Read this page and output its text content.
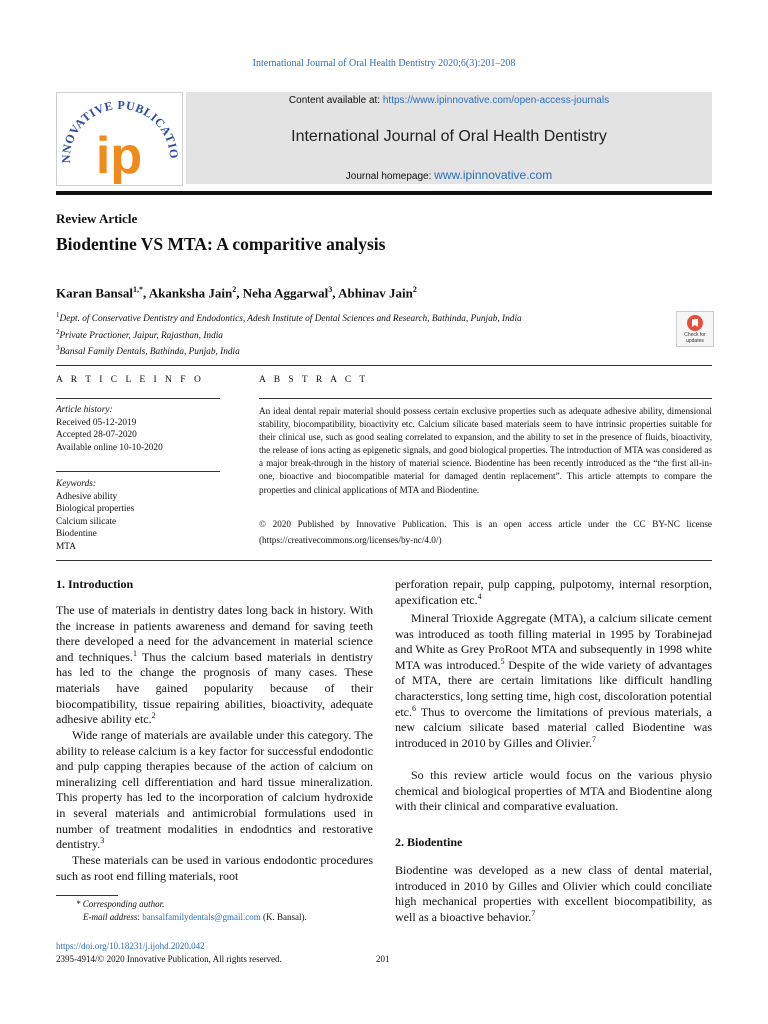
International Journal of Oral Health Dentistry 2020;6(3):201–208
NNOVATIVE PUBLICATIO
ip
Content available at: https://www.ipinnovative.com/open-access-journals
International Journal of Oral Health Dentistry
Journal homepage: www.ipinnovative.com
Review Article
Biodentine VS MTA: A comparitive analysis
Karan Bansal$^{1,*}$, Akanksha Jain$^2$, Neha Aggarwal$^3$, Abhinav Jain$^2$
$^1$Dept. of Conservative Dentistry and Endodontics, Adesh Institute of Dental Sciences and Research, Bathinda, Punjab, India
$^2$Private Practioner, Jaipur, Rajasthan, India
$^3$Bansal Family Dentals, Bathinda, Punjab, India
Check for updates
A R T I C L E I N F O	A B S T R A C T
Article history:
Received 05-12-2019
Accepted 28-07-2020
Available online 10-10-2020
Keywords:
Adhesive ability
Biological properties
Calcium silicate
Biodentine
MTA
An ideal dental repair material should possess certain exclusive properties such as adequate adhesive ability, dimensional stability, biocompatibility, bioactivity etc. Calcium silicate based materials seem to have intrinsic properties suitable for their clinical use, such as good sealing correlated to expansion, and the ability to set in the presence of fluids, bioactivity, the release of ions acting as epigenetic signals, and good biological properties. The introduction of MTA was considered as a major break-through in the history of material science. Biodentine has been recently introduced as the “the first all-in-one, bioactive and biocompatible material for damaged dentin replacement”. This article attempts to compare the properties and clinical applications of MTA and Biodentine.
© 2020 Published by Innovative Publication. This is an open access article under the CC BY-NC license (https://creativecommons.org/licenses/by-nc/4.0/)
1. Introduction

The use of materials in dentistry dates long back in history. With the increase in patients awareness and demand for saving teeth there developed a need for the advancement in material science and techniques.$^1$ Thus the calcium based materials in dentistry has led to the change the prognosis of many cases. These materials have gained popularity because of their biocompatibility, tissue repairing abilities, bioactivity, adequate adhesive ability etc.$^2$

Wide range of materials are available under this category. The ability to release calcium is a key factor for successful endodontic and pulp capping therapies because of the action of calcium on mineralizing cell differentiation and hard tissue mineralization. This property has led to the incorporation of calcium hydroxide in several materials and antimicrobial formulations used in number of treatment modalities in endodntics and restorative dentistry.$^3$

These materials can be used in various endodontic procedures such as root end filling materials, root

perforation repair, pulp capping, pulpotomy, internal resorption, apexification etc.$^4$

Mineral Trioxide Aggregate (MTA), a calcium silicate cement was introduced as tooth filling material in 1995 by Torabinejad and White as Grey ProRoot MTA and subsequently in 1998 white MTA was introduced.$^5$ Despite of the wide variety of advantages of MTA, there are certain limitations like difficult handling characterstics, long setting time, high cost, discoloration potential etc.$^6$ Thus to overcome the limitations of previous materials, a new calcium silicate based material called Biodentine was introduced in 2010 by Gilles and Olivier.$^7$

So this review article would focus on the various physio chemical and biological properties of MTA and Biodentine along with their clinical and comparative evaluation.

2. Biodentine

Biodentine was developed as a new class of dental material, introduced in 2010 by Gilles and Olivier which could conciliate high mechanical properties with excellent biocompatibility, as well as a bioactive behavior.$^7$

* Corresponding author.
E-mail address: bansalfamilydentals@gmail.com (K. Bansal).
https://doi.org/10.18231/j.ijohd.2020.042
2395-4914/© 2020 Innovative Publication, All rights reserved.	201
